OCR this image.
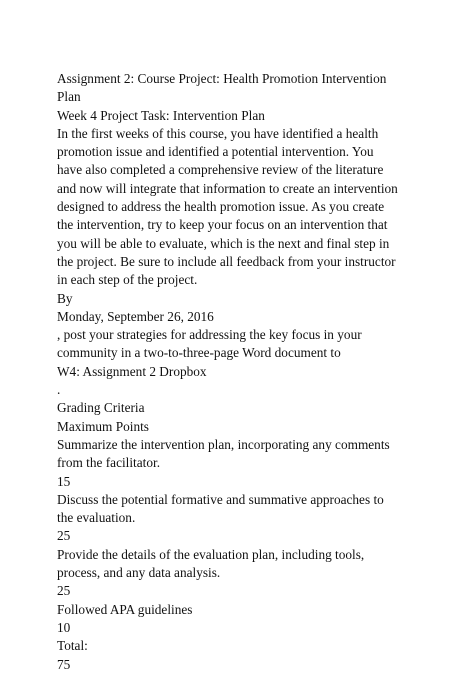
Assignment 2: Course Project: Health Promotion Intervention
Plan
Week 4 Project Task: Intervention Plan
In the first weeks of this course, you have identified a health
promotion issue and identified a potential intervention. You
have also completed a comprehensive review of the literature
and now will integrate that information to create an intervention
designed to address the health promotion issue. As you create
the intervention, try to keep your focus on an intervention that
you will be able to evaluate, which is the next and final step in
the project. Be sure to include all feedback from your instructor
in each step of the project.
By
Monday, September 26, 2016
, post your strategies for addressing the key focus in your
community in a two-to-three-page Word document to
W4: Assignment 2 Dropbox
.
Grading Criteria
Maximum Points
Summarize the intervention plan, incorporating any comments
from the facilitator.
15
Discuss the potential formative and summative approaches to
the evaluation.
25
Provide the details of the evaluation plan, including tools,
process, and any data analysis.
25
Followed APA guidelines
10
Total:
75
